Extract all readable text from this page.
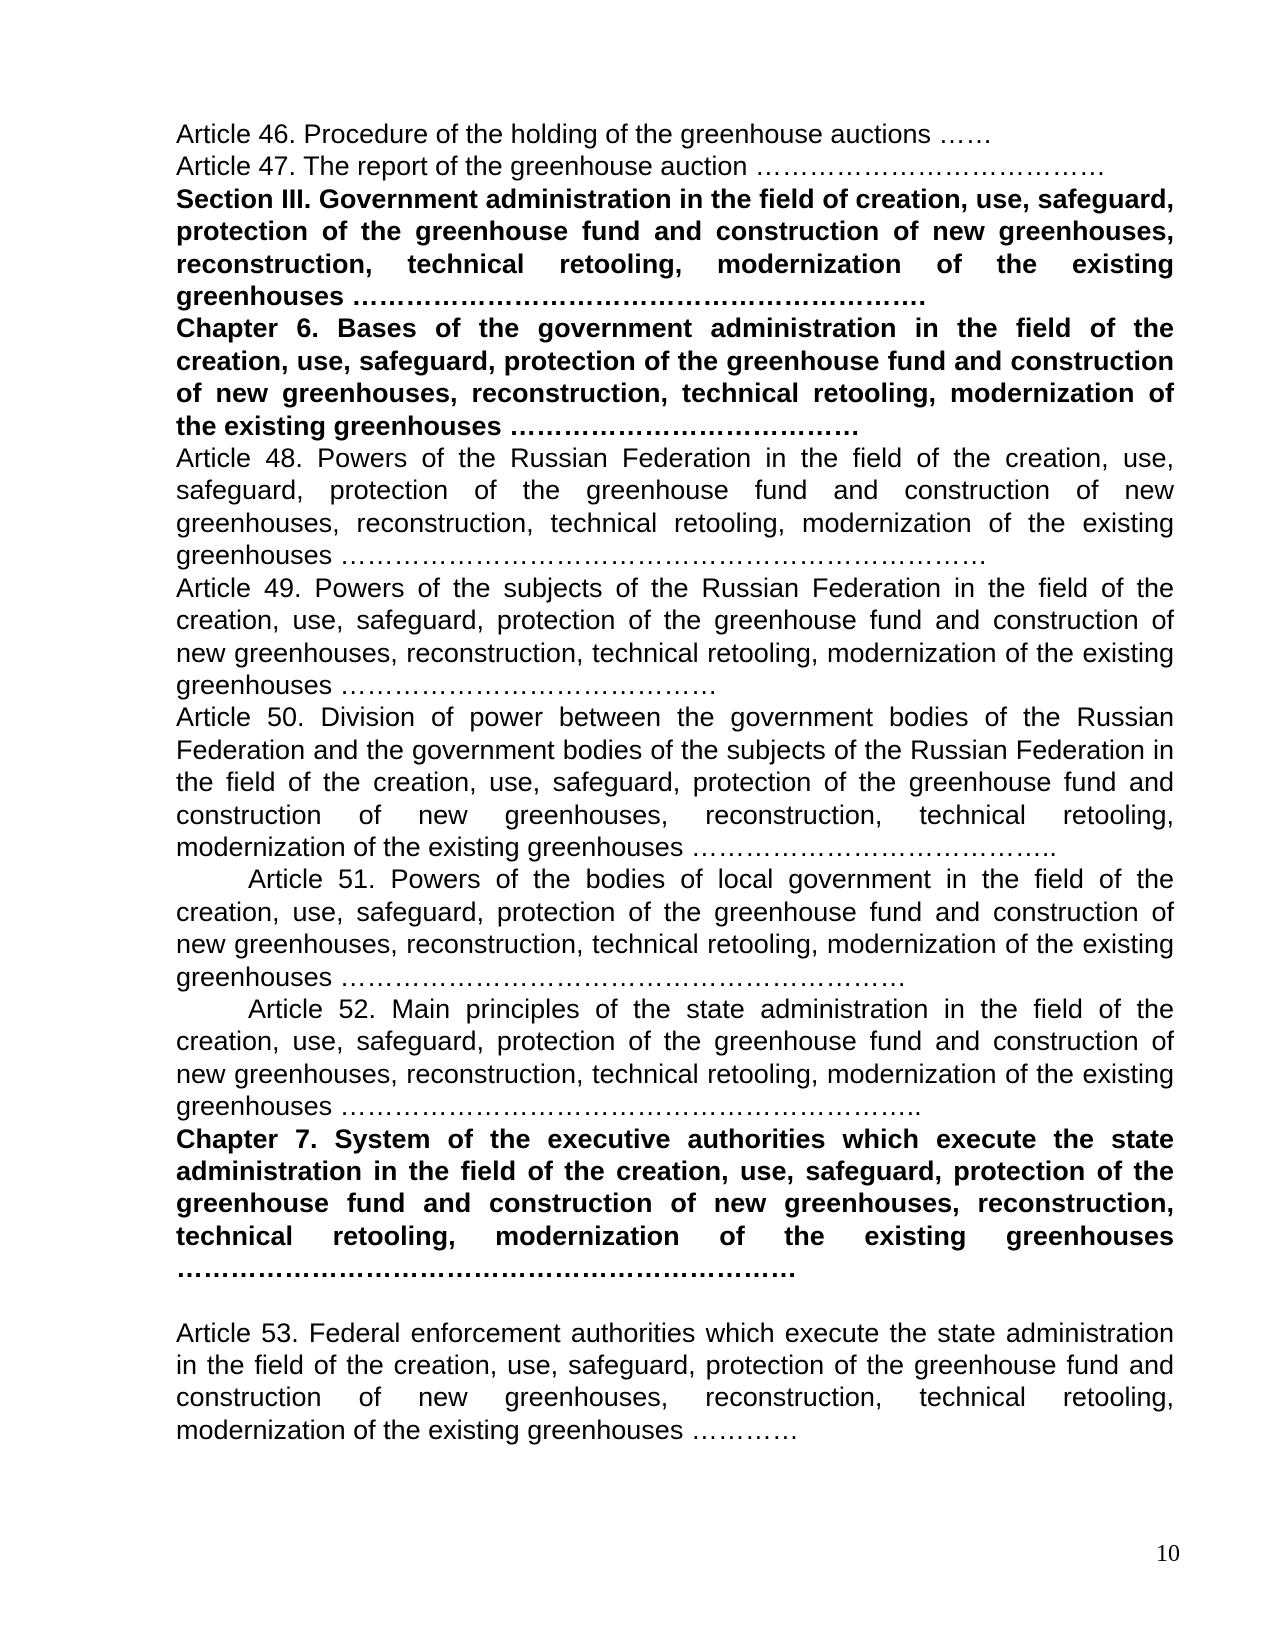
Article 46. Procedure of the holding of the greenhouse auctions ……

Article 47. The report of the greenhouse auction …………………………………

Section III. Government administration in the field of creation, use, safeguard, protection of the greenhouse fund and construction of new greenhouses, reconstruction, technical retooling, modernization of the existing greenhouses ……………………………………………………….

Chapter 6. Bases of the government administration in the field of the creation, use, safeguard, protection of the greenhouse fund and construction of new greenhouses, reconstruction, technical retooling, modernization of the existing greenhouses …………………………………

Article 48. Powers of the Russian Federation in the field of the creation, use, safeguard, protection of the greenhouse fund and construction of new greenhouses, reconstruction, technical retooling, modernization of the existing greenhouses ………………………………………………………………

Article 49. Powers of the subjects of the Russian Federation in the field of the creation, use, safeguard, protection of the greenhouse fund and construction of new greenhouses, reconstruction, technical retooling, modernization of the existing greenhouses ……………………………………

Article 50. Division of power between the government bodies of the Russian Federation and the government bodies of the subjects of the Russian Federation in the field of the creation, use, safeguard, protection of the greenhouse fund and construction of new greenhouses, reconstruction, technical retooling, modernization of the existing greenhouses …………………………………..

Article 51. Powers of the bodies of local government in the field of the creation, use, safeguard, protection of the greenhouse fund and construction of new greenhouses, reconstruction, technical retooling, modernization of the existing greenhouses ………………………………………………………

Article 52. Main principles of the state administration in the field of the creation, use, safeguard, protection of the greenhouse fund and construction of new greenhouses, reconstruction, technical retooling, modernization of the existing greenhouses ………………………………………………………..

Chapter 7. System of the executive authorities which execute the state administration in the field of the creation, use, safeguard, protection of the greenhouse fund and construction of new greenhouses, reconstruction, technical retooling, modernization of the existing greenhouses ……………………………………………………………

Article 53. Federal enforcement authorities which execute the state administration in the field of the creation, use, safeguard, protection of the greenhouse fund and construction of new greenhouses, reconstruction, technical retooling, modernization of the existing greenhouses …………

10
